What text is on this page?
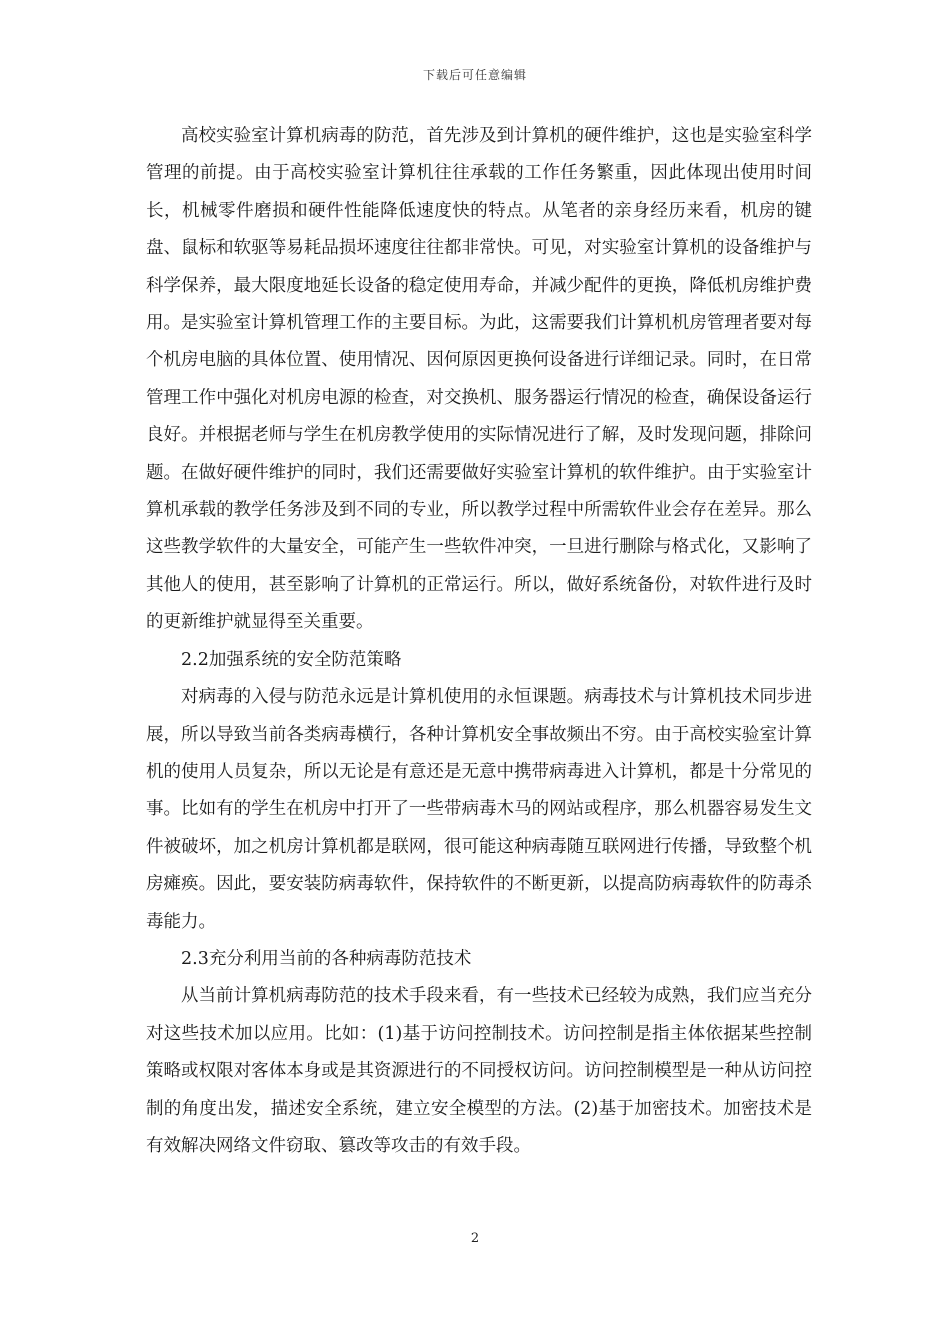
下载后可任意编辑

高校实验室计算机病毒的防范，首先涉及到计算机的硬件维护，这也是实验室科学管理的前提。由于高校实验室计算机往往承载的工作任务繁重，因此体现出使用时间长，机械零件磨损和硬件性能降低速度快的特点。从笔者的亲身经历来看，机房的键盘、鼠标和软驱等易耗品损坏速度往往都非常快。可见，对实验室计算机的设备维护与科学保养，最大限度地延长设备的稳定使用寿命，并减少配件的更换，降低机房维护费用。是实验室计算机管理工作的主要目标。为此，这需要我们计算机机房管理者要对每个机房电脑的具体位置、使用情况、因何原因更换何设备进行详细记录。同时，在日常管理工作中强化对机房电源的检查，对交换机、服务器运行情况的检查，确保设备运行良好。并根据老师与学生在机房教学使用的实际情况进行了解，及时发现问题，排除问题。在做好硬件维护的同时，我们还需要做好实验室计算机的软件维护。由于实验室计算机承载的教学任务涉及到不同的专业，所以教学过程中所需软件业会存在差异。那么这些教学软件的大量安全，可能产生一些软件冲突，一旦进行删除与格式化，又影响了其他人的使用，甚至影响了计算机的正常运行。所以，做好系统备份，对软件进行及时的更新维护就显得至关重要。

2.2加强系统的安全防范策略

对病毒的入侵与防范永远是计算机使用的永恒课题。病毒技术与计算机技术同步进展，所以导致当前各类病毒横行，各种计算机安全事故频出不穷。由于高校实验室计算机的使用人员复杂，所以无论是有意还是无意中携带病毒进入计算机，都是十分常见的事。比如有的学生在机房中打开了一些带病毒木马的网站或程序，那么机器容易发生文件被破坏，加之机房计算机都是联网，很可能这种病毒随互联网进行传播，导致整个机房瘫痪。因此，要安装防病毒软件，保持软件的不断更新，以提高防病毒软件的防毒杀毒能力。

2.3充分利用当前的各种病毒防范技术

从当前计算机病毒防范的技术手段来看，有一些技术已经较为成熟，我们应当充分对这些技术加以应用。比如：(1)基于访问控制技术。访问控制是指主体依据某些控制策略或权限对客体本身或是其资源进行的不同授权访问。访问控制模型是一种从访问控制的角度出发，描述安全系统，建立安全模型的方法。(2)基于加密技术。加密技术是有效解决网络文件窃取、篡改等攻击的有效手段。

2
